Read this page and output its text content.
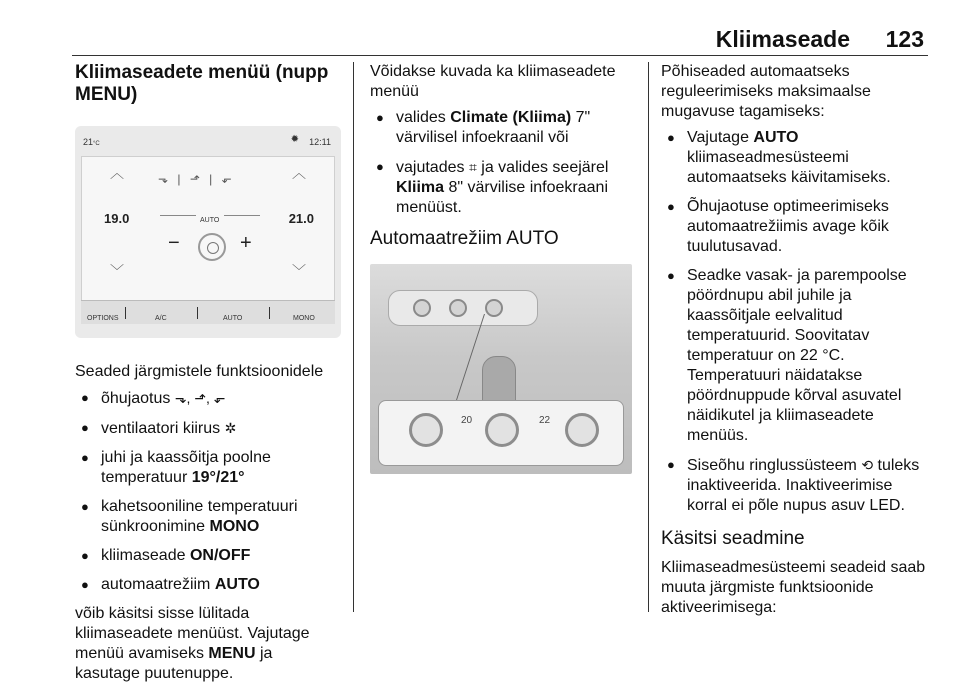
Kliimaseade 123
Kliimaseadete menüü (nupp MENU)
21°C	✹ 12:11
︿
19.0
﹀
︿
21.0
﹀
⬎ | ⬏ | ⬐
AUTO
−	+
OPTIONS	A/C	AUTO	MONO

Seaded järgmistele funktsioonidele

● õhujaotus ⬎, ⬏, ⬐
● ventilaatori kiirus ✲
● juhi ja kaassõitja poolne temperatuur 19°/21°
● kahetsooniline temperatuuri sünkroonimine MONO
● kliimaseade ON/OFF
● automaatrežiim AUTO

võib käsitsi sisse lülitada kliimaseadete menüüst. Vajutage menüü avamiseks MENU ja kasutage puutenuppe.

Võidakse kuvada ka kliimaseadete menüü

● valides Climate (Kliima) 7" värvilisel infoekraanil või
● vajutades ⌗ ja valides seejärel Kliima 8" värvilise infoekraani menüüst.
Automaatrežiim AUTO
20	22

Põhiseaded automaatseks reguleerimiseks maksimaalse mugavuse tagamiseks:

● Vajutage AUTO kliimaseadmesüsteemi automaatseks käivitamiseks.
● Õhujaotuse optimeerimiseks automaatrežiimis avage kõik tuulutusavad.
● Seadke vasak- ja parempoolse pöördnupu abil juhile ja kaassõitjale eelvalitud temperatuurid. Soovitatav temperatuur on 22 °C. Temperatuuri näidatakse pöördnuppude kõrval asuvatel näidikutel ja kliimaseadete menüüs.
● Siseõhu ringlussüsteem ⟲ tuleks inaktiveerida. Inaktiveerimise korral ei põle nupus asuv LED.
Käsitsi seadmine

Kliimaseadmesüsteemi seadeid saab muuta järgmiste funktsioonide aktiveerimisega:
